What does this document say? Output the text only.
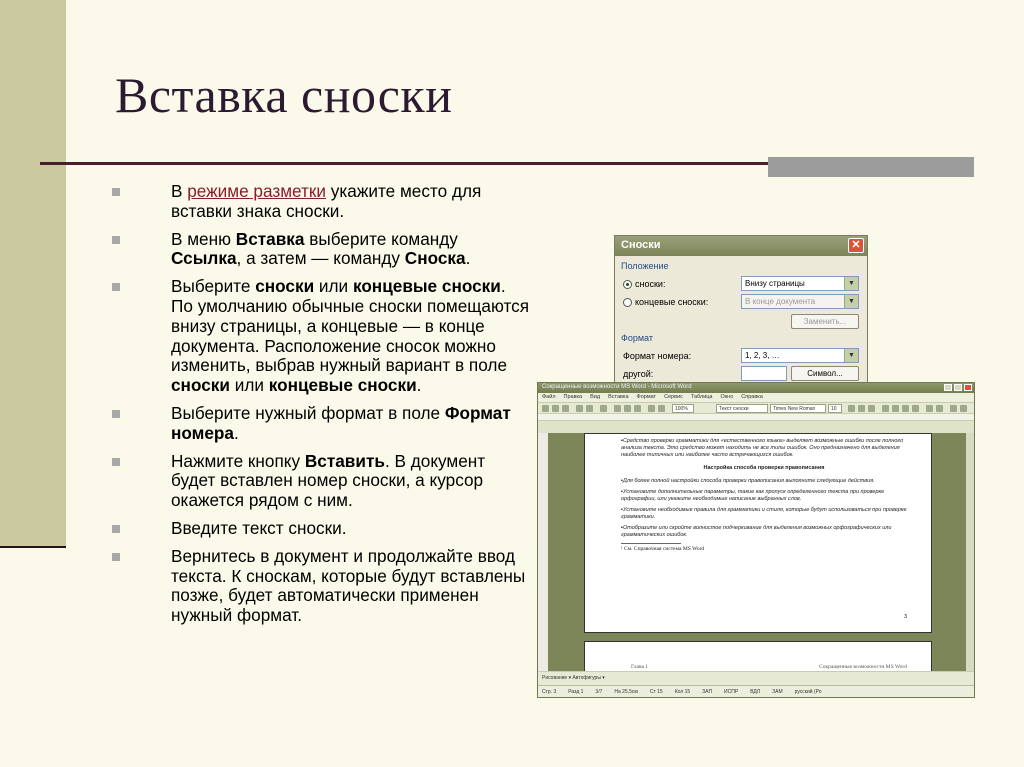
Вставка сноски
В режиме разметки укажите место для вставки знака сноски.
В меню Вставка выберите команду Ссылка, а затем — команду Сноска.
Выберите сноски или концевые сноски. По умолчанию обычные сноски помещаются внизу страницы, а концевые — в конце документа. Расположение сносок можно изменить, выбрав нужный вариант в поле сноски или концевые сноски.
Выберите нужный формат в поле Формат номера.
Нажмите кнопку Вставить. В документ будет вставлен номер сноски, а курсор окажется рядом с ним.
Введите текст сноски.
Вернитесь в документ и продолжайте ввод текста. К сноскам, которые будут вставлены позже, будет автоматически применен нужный формат.
Сноски	✕
Положение
сноски:	Внизу страницы	▼
концевые сноски:	В конце документа	▼
Заменить...
Формат
Формат номера:	1, 2, 3, …	▼
другой:	Символ...
Сокращенные возможности MS Word - Microsoft Word
Файл Правка Вид Вставка Формат Сервис Таблица Окно Справка
100%	Текст сноски	Times New Roman	10

▪Средство проверки грамматики для «естественного языка» выделяет возможные ошибки после полного анализа текста. Это средство может находить не все типы ошибок. Оно предназначено для выделения наиболее типичных или наиболее часто встречающихся ошибок.

Настройка способа проверки правописания

▪Для более полной настройки способа проверки правописания выполните следующие действия.

▪Установите дополнительные параметры, такие как пропуск определенного текста при проверке орфографии, или укажите необходимые написание выбранных слов.

▪Установите необходимые правила для грамматики и стиля, которые будут использоваться при проверке грамматики.

▪Отобразите или скройте волнистое подчеркивание для выделения возможных орфографических или грамматических ошибок.

¹ См. Справочная система MS Word

3
Глава 1	Сокращенные возможности MS Word
Рисование ▾ Автофигуры ▾
Стр. 3 Разд 1 3/7 На 25,5см Ст 15 Кол 15 ЗАП ИСПР ВДЛ ЗАМ русский (Ро
